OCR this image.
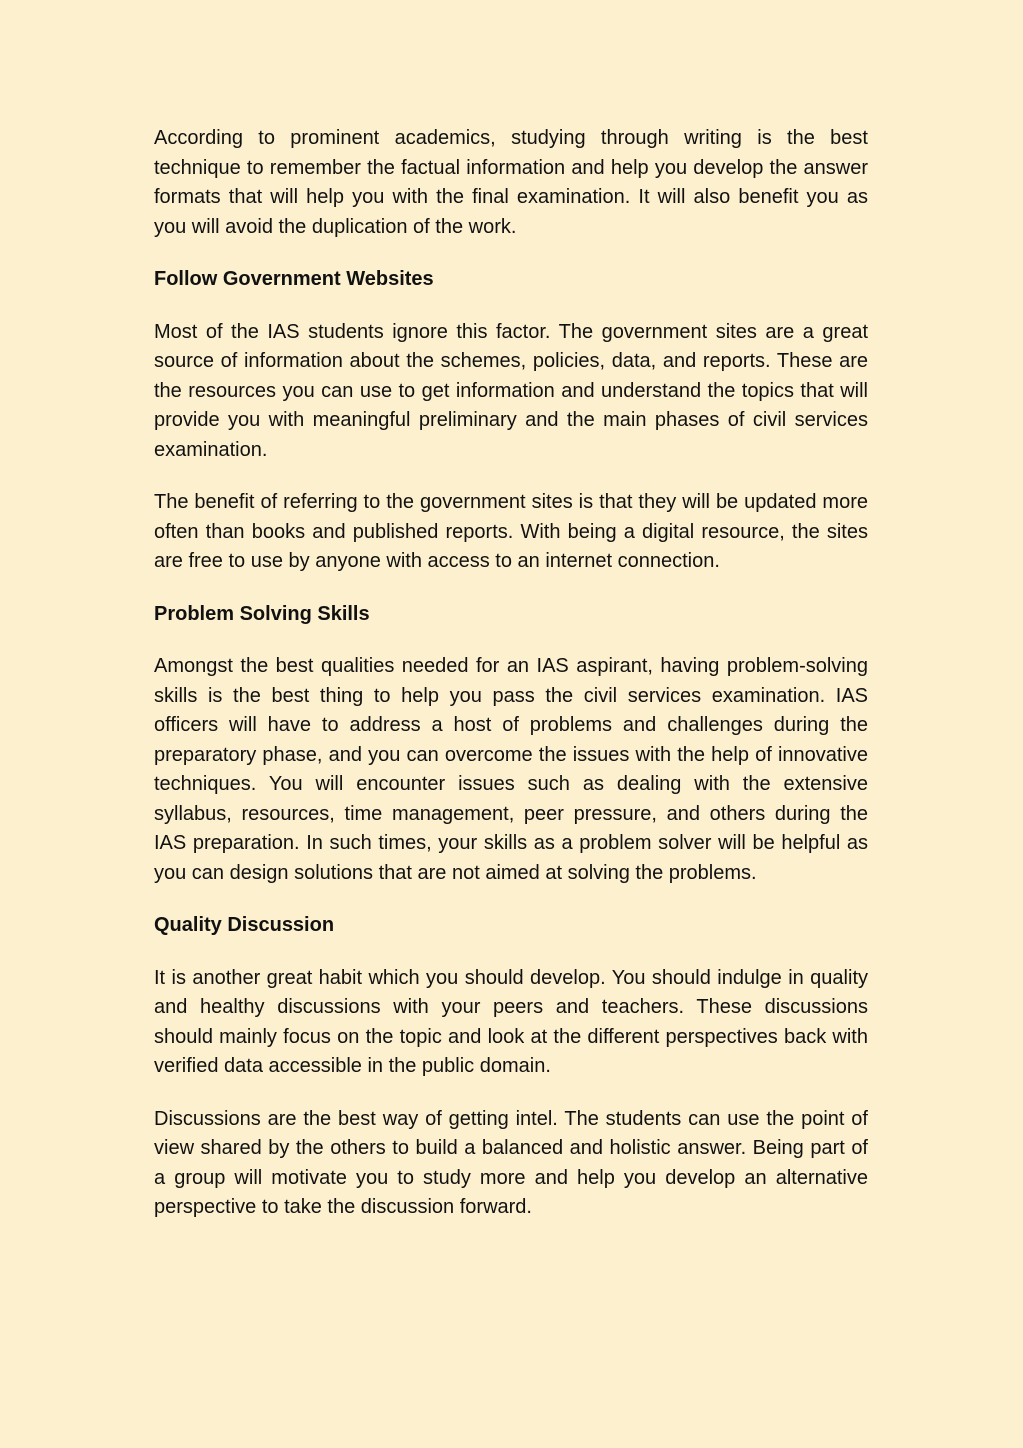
According to prominent academics, studying through writing is the best technique to remember the factual information and help you develop the answer formats that will help you with the final examination. It will also benefit you as you will avoid the duplication of the work.

Follow Government Websites

Most of the IAS students ignore this factor. The government sites are a great source of information about the schemes, policies, data, and reports. These are the resources you can use to get information and understand the topics that will provide you with meaningful preliminary and the main phases of civil services examination.

The benefit of referring to the government sites is that they will be updated more often than books and published reports. With being a digital resource, the sites are free to use by anyone with access to an internet connection.

Problem Solving Skills

Amongst the best qualities needed for an IAS aspirant, having problem-solving skills is the best thing to help you pass the civil services examination. IAS officers will have to address a host of problems and challenges during the preparatory phase, and you can overcome the issues with the help of innovative techniques. You will encounter issues such as dealing with the extensive syllabus, resources, time management, peer pressure, and others during the IAS preparation. In such times, your skills as a problem solver will be helpful as you can design solutions that are not aimed at solving the problems.

Quality Discussion

It is another great habit which you should develop. You should indulge in quality and healthy discussions with your peers and teachers. These discussions should mainly focus on the topic and look at the different perspectives back with verified data accessible in the public domain.

Discussions are the best way of getting intel. The students can use the point of view shared by the others to build a balanced and holistic answer. Being part of a group will motivate you to study more and help you develop an alternative perspective to take the discussion forward.
